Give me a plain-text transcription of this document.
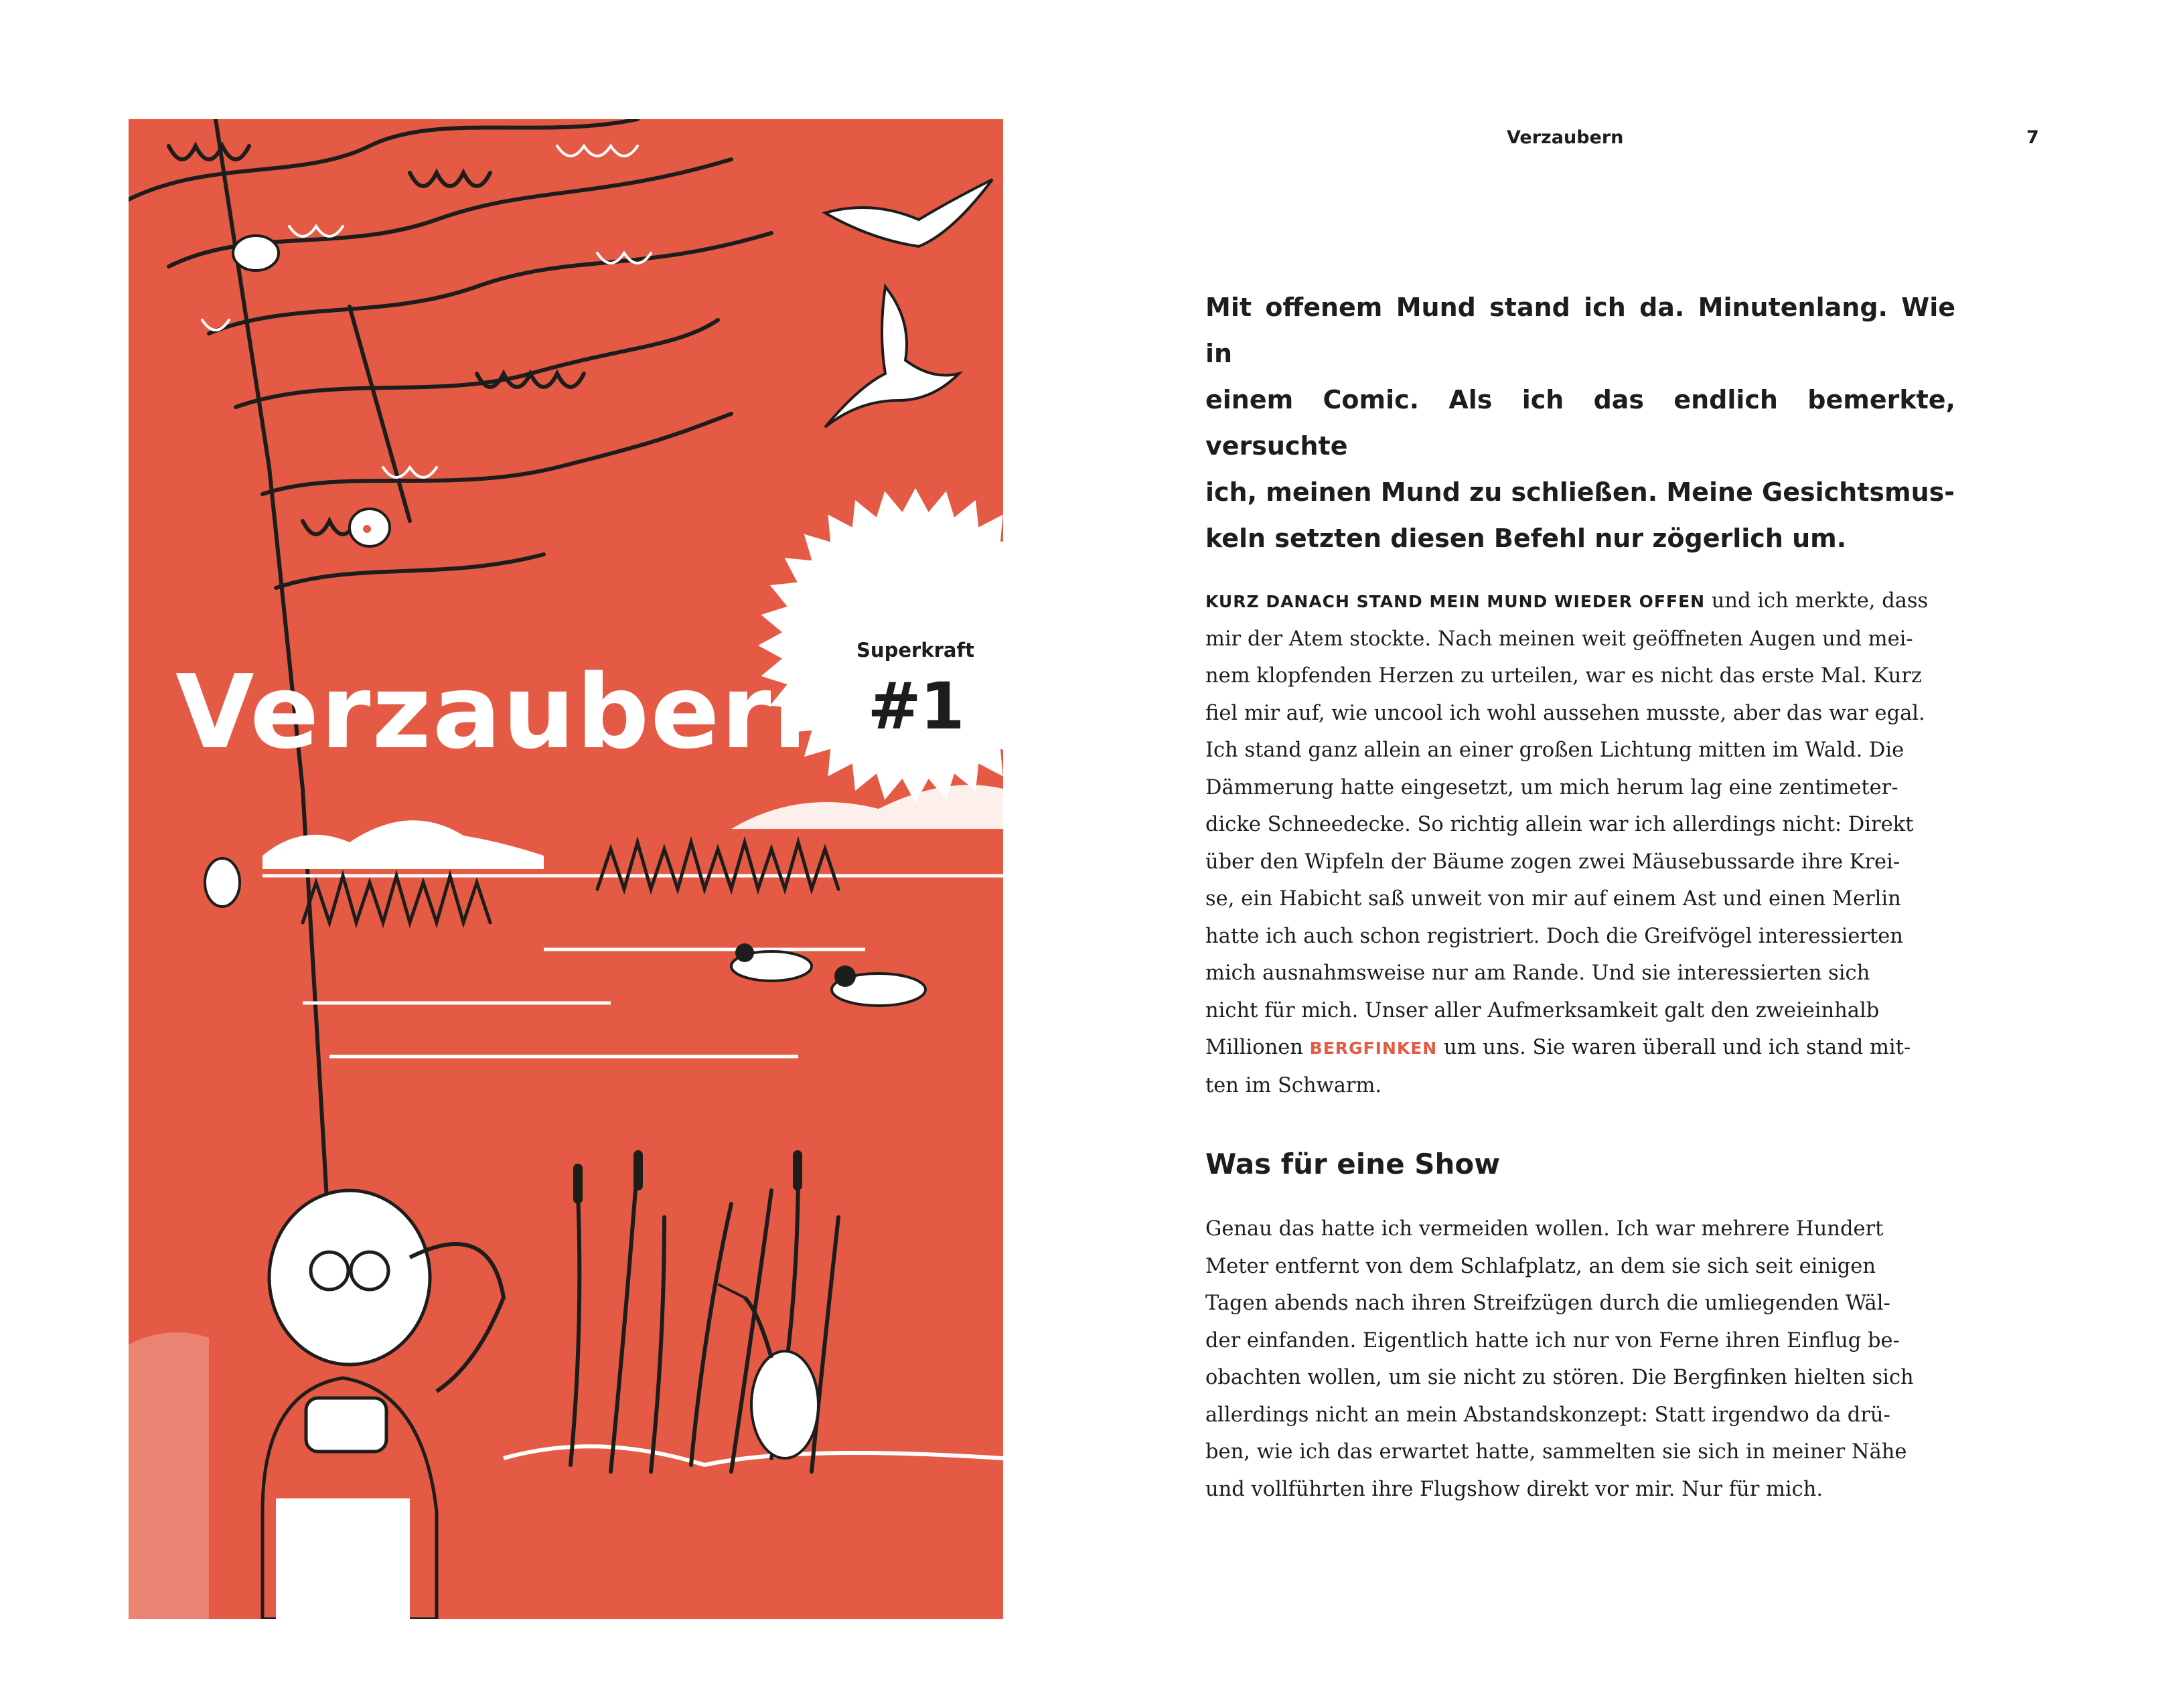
Superkraft
#1
Verzaubern
Verzaubern	7

Mit offenem Mund stand ich da. Minutenlang. Wie in
einem Comic. Als ich das endlich bemerkte, versuchte
ich, meinen Mund zu schließen. Meine Gesichtsmus-
keln setzten diesen Befehl nur zögerlich um.

KURZ DANACH STAND MEIN MUND WIEDER OFFEN und ich merkte, dass
mir der Atem stockte. Nach meinen weit geöffneten Augen und mei-
nem klopfenden Herzen zu urteilen, war es nicht das erste Mal. Kurz
fiel mir auf, wie uncool ich wohl aussehen musste, aber das war egal.
Ich stand ganz allein an einer großen Lichtung mitten im Wald. Die
Dämmerung hatte eingesetzt, um mich herum lag eine zentimeter-
dicke Schneedecke. So richtig allein war ich allerdings nicht: Direkt
über den Wipfeln der Bäume zogen zwei Mäusebussarde ihre Krei-
se, ein Habicht saß unweit von mir auf einem Ast und einen Merlin
hatte ich auch schon registriert. Doch die Greifvögel interessierten
mich ausnahmsweise nur am Rande. Und sie interessierten sich
nicht für mich. Unser aller Aufmerksamkeit galt den zweieinhalb
Millionen BERGFINKEN um uns. Sie waren überall und ich stand mit-
ten im Schwarm.

Was für eine Show

Genau das hatte ich vermeiden wollen. Ich war mehrere Hundert
Meter entfernt von dem Schlafplatz, an dem sie sich seit einigen
Tagen abends nach ihren Streifzügen durch die umliegenden Wäl-
der einfanden. Eigentlich hatte ich nur von Ferne ihren Einflug be-
obachten wollen, um sie nicht zu stören. Die Bergfinken hielten sich
allerdings nicht an mein Abstandskonzept: Statt irgendwo da drü-
ben, wie ich das erwartet hatte, sammelten sie sich in meiner Nähe
und vollführten ihre Flugshow direkt vor mir. Nur für mich.
